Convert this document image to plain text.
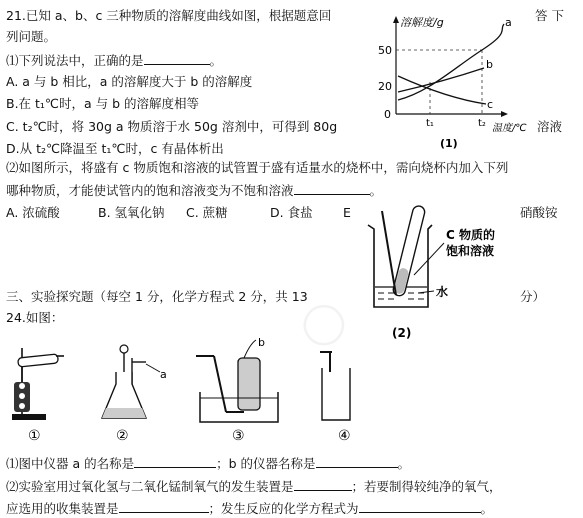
◯
21.已知 a、b、c 三种物质的溶解度曲线如图，根据题意回	答 下
列问题。
⑴下列说法中，正确的是	。
A. a 与 b 相比，a 的溶解度大于 b 的溶解度
B.在 t₁℃时，a 与 b 的溶解度相等
C. t₂℃时，将 30g a 物质溶于水 50g 溶剂中，可得到 80g	溶液
D.从 t₂℃降温至 t₁℃时，c 有晶体析出
⑵如图所示，将盛有 c 物质饱和溶液的试管置于盛有适量水的烧杯中，需向烧杯内加入下列
哪种物质，才能使试管内的饱和溶液变为不饱和溶液	。
A. 浓硫酸	B. 氢氧化钠 C. 蔗糖	D. 食盐 E	硝酸铵
溶解度/g
50
20
0
t₁	t₂ 温度/℃
a
b
c
(1)
C 物质的
饱和溶液
水
(2)
三、实验探究题（每空 1 分，化学方程式 2 分，共 13	分）
24.如图：
a
b
①	②	③	④
⑴图中仪器 a 的名称是	；b 的仪器名称是	。
⑵实验室用过氧化氢与二氧化锰制氧气的发生装置是	；若要制得较纯净的氧气，
应选用的收集装置是	；发生反应的化学方程式为	。
